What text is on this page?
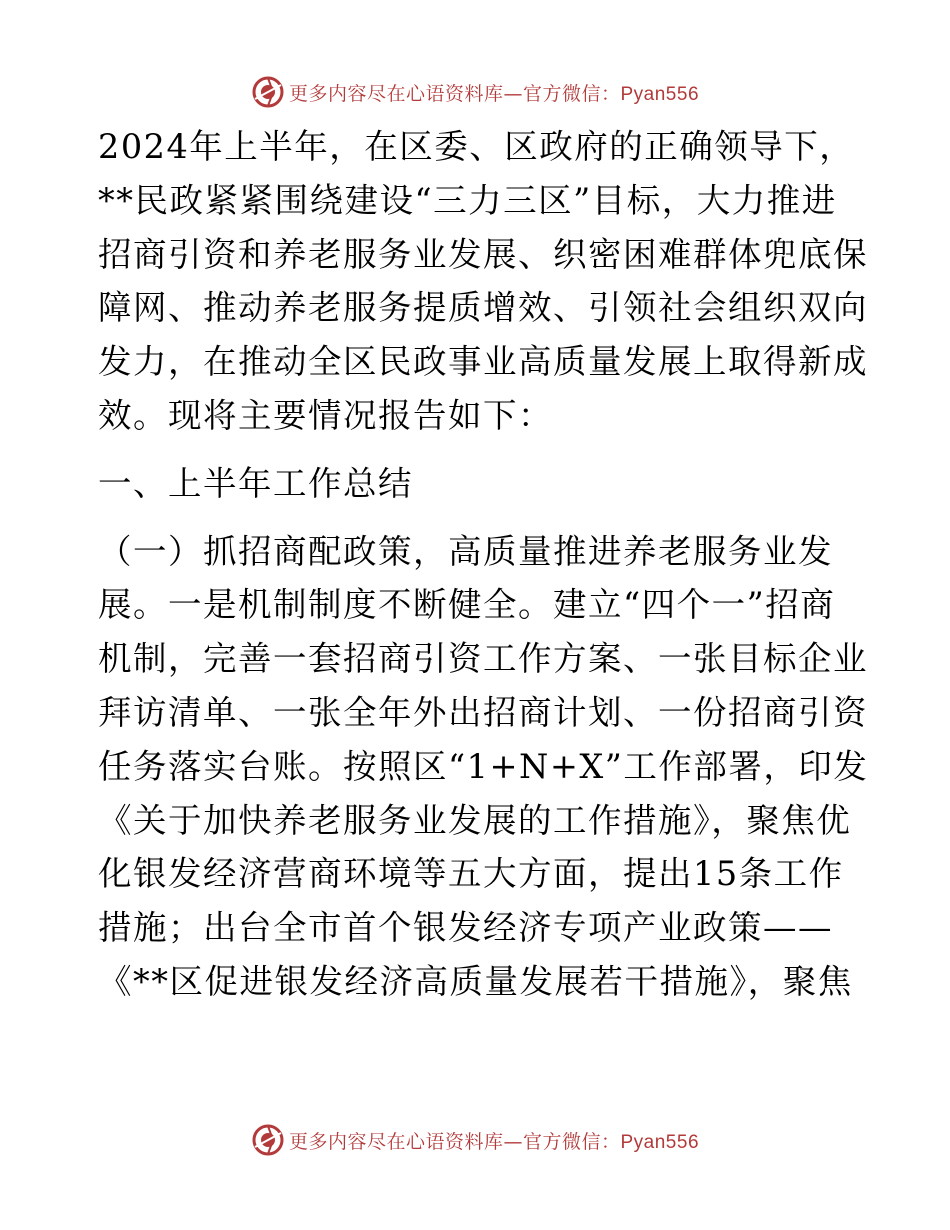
更多内容尽在心语资料库—官方微信：Pyan556
2024年上半年，在区委、区政府的正确领导下，
**民政紧紧围绕建设“三力三区”目标，大力推进
招商引资和养老服务业发展、织密困难群体兜底保
障网、推动养老服务提质增效、引领社会组织双向
发力，在推动全区民政事业高质量发展上取得新成
效。现将主要情况报告如下：
一、上半年工作总结
（一）抓招商配政策，高质量推进养老服务业发
展。一是机制制度不断健全。建立“四个一”招商
机制，完善一套招商引资工作方案、一张目标企业
拜访清单、一张全年外出招商计划、一份招商引资
任务落实台账。按照区“1+N+X”工作部署，印发
《关于加快养老服务业发展的工作措施》，聚焦优
化银发经济营商环境等五大方面，提出15条工作
措施；出台全市首个银发经济专项产业政策——
《**区促进银发经济高质量发展若干措施》，聚焦
更多内容尽在心语资料库—官方微信：Pyan556
